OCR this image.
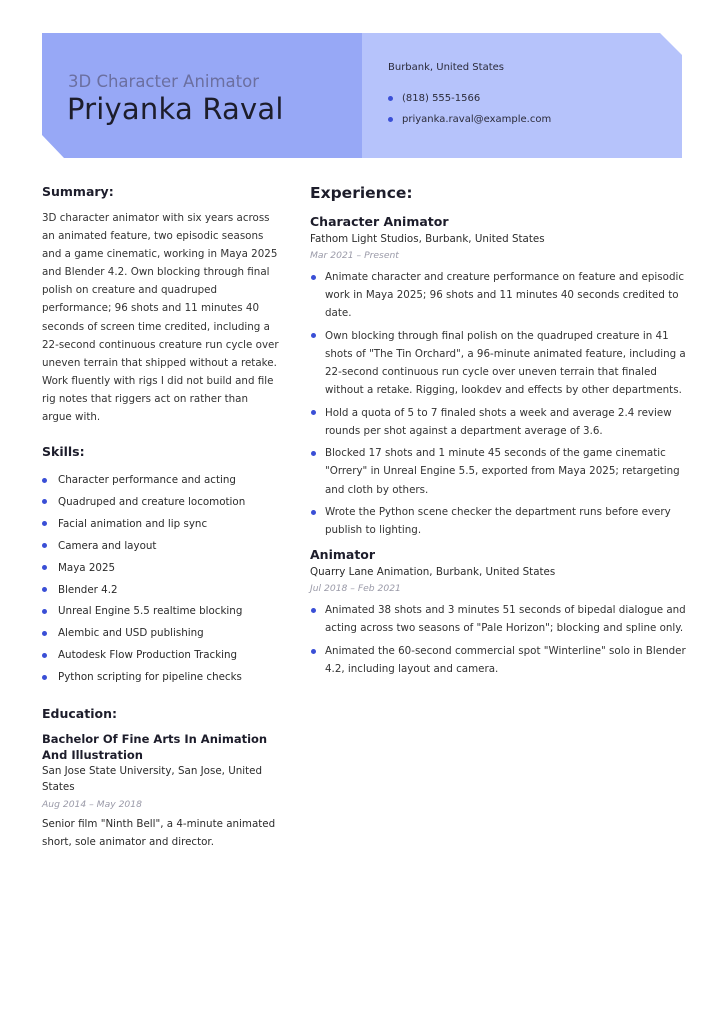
3D Character Animator
Priyanka Raval
Burbank, United States
(818) 555-1566
priyanka.raval@example.com
Summary:

3D character animator with six years across an animated feature, two episodic seasons and a game cinematic, working in Maya 2025 and Blender 4.2. Own blocking through final polish on creature and quadruped performance; 96 shots and 11 minutes 40 seconds of screen time credited, including a 22-second continuous creature run cycle over uneven terrain that shipped without a retake. Work fluently with rigs I did not build and file rig notes that riggers act on rather than argue with.

Skills:
Character performance and acting
Quadruped and creature locomotion
Facial animation and lip sync
Camera and layout
Maya 2025
Blender 4.2
Unreal Engine 5.5 realtime blocking
Alembic and USD publishing
Autodesk Flow Production Tracking
Python scripting for pipeline checks
Education:

Bachelor Of Fine Arts In Animation And Illustration

San Jose State University, San Jose, United States

Aug 2014 – May 2018

Senior film "Ninth Bell", a 4-minute animated short, sole animator and director.

Experience:

Character Animator

Fathom Light Studios, Burbank, United States

Mar 2021 – Present

Animate character and creature performance on feature and episodic work in Maya 2025; 96 shots and 11 minutes 40 seconds credited to date.
Own blocking through final polish on the quadruped creature in 41 shots of "The Tin Orchard", a 96-minute animated feature, including a 22-second continuous run cycle over uneven terrain that finaled without a retake. Rigging, lookdev and effects by other departments.
Hold a quota of 5 to 7 finaled shots a week and average 2.4 review rounds per shot against a department average of 3.6.
Blocked 17 shots and 1 minute 45 seconds of the game cinematic "Orrery" in Unreal Engine 5.5, exported from Maya 2025; retargeting and cloth by others.
Wrote the Python scene checker the department runs before every publish to lighting.

Animator

Quarry Lane Animation, Burbank, United States

Jul 2018 – Feb 2021

Animated 38 shots and 3 minutes 51 seconds of bipedal dialogue and acting across two seasons of "Pale Horizon"; blocking and spline only.
Animated the 60-second commercial spot "Winterline" solo in Blender 4.2, including layout and camera.
